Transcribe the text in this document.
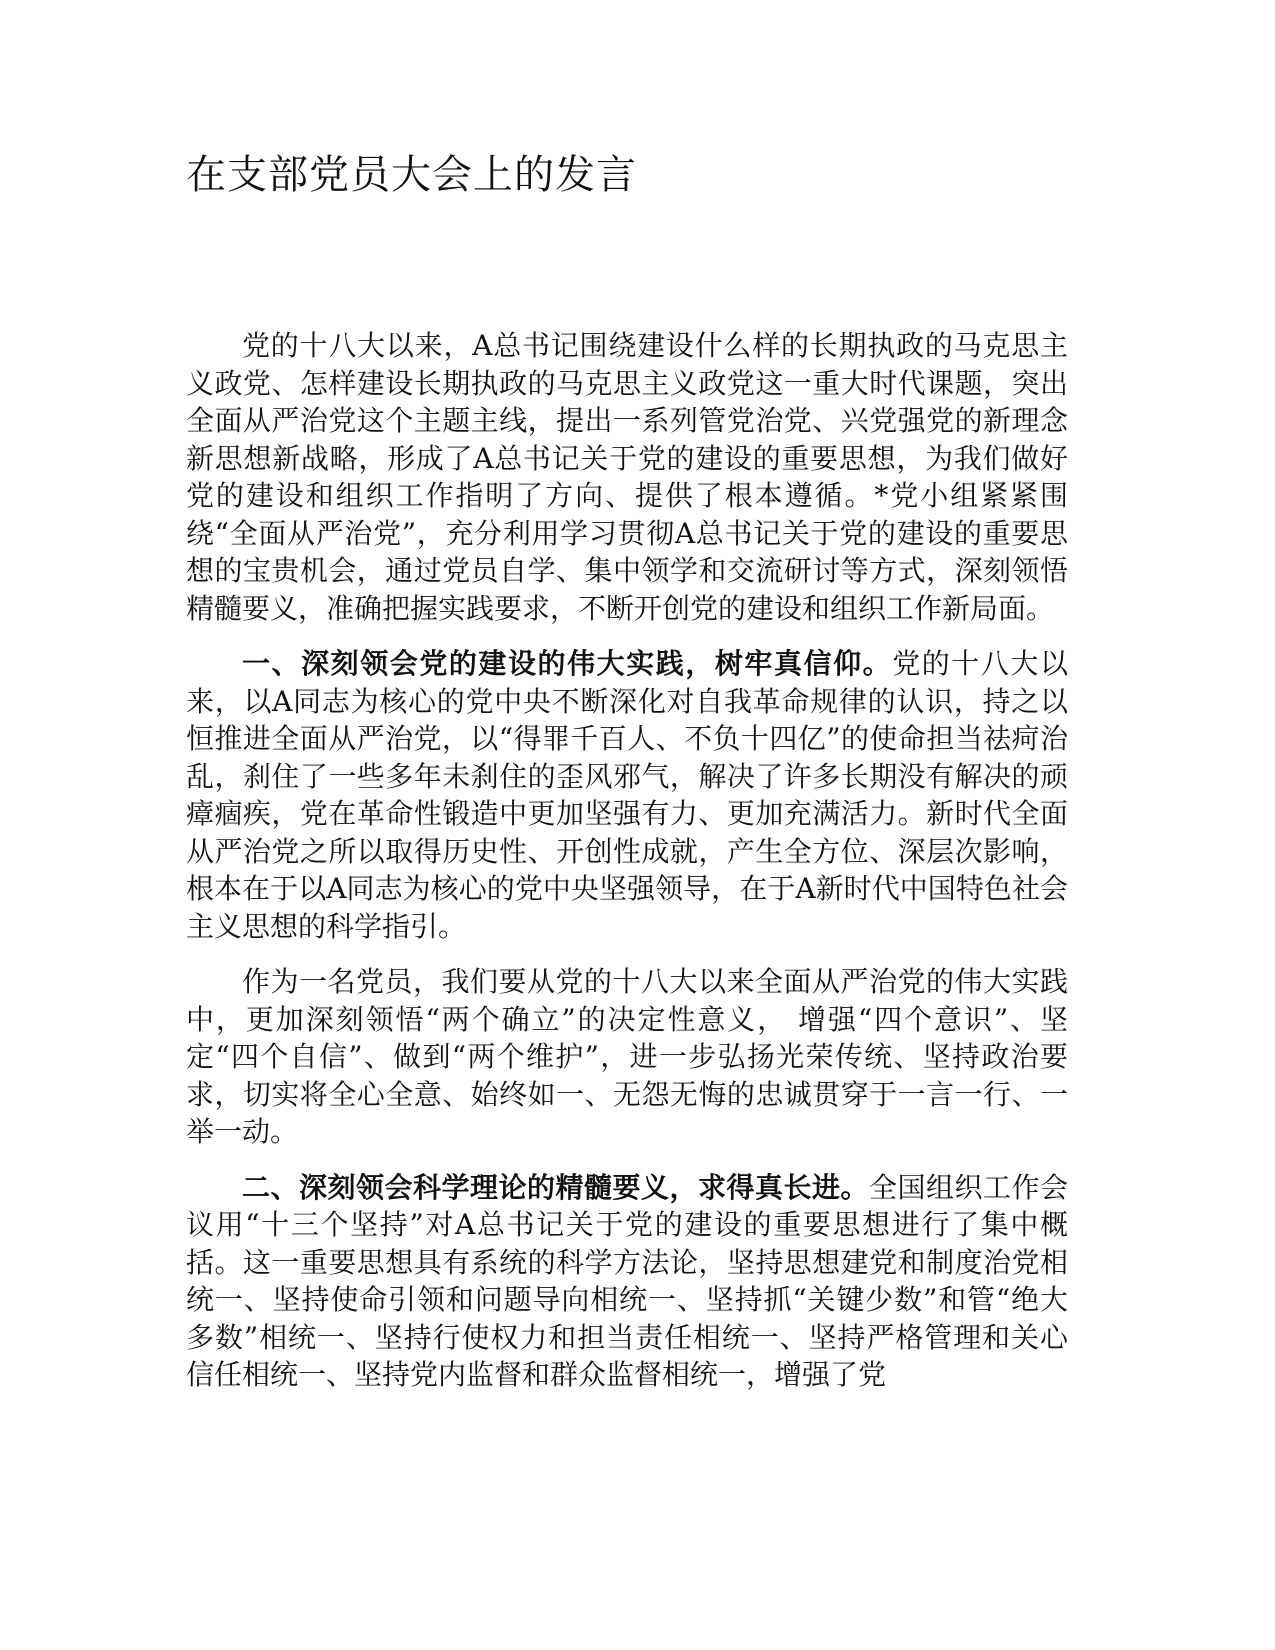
在支部党员大会上的发言

党的十八大以来，A总书记围绕建设什么样的长期执政的马克思主义政党、怎样建设长期执政的马克思主义政党这一重大时代课题，突出全面从严治党这个主题主线，提出一系列管党治党、兴党强党的新理念新思想新战略，形成了A总书记关于党的建设的重要思想，为我们做好党的建设和组织工作指明了方向、提供了根本遵循。*党小组紧紧围绕“全面从严治党”，充分利用学习贯彻A总书记关于党的建设的重要思想的宝贵机会，通过党员自学、集中领学和交流研讨等方式，深刻领悟精髓要义，准确把握实践要求，不断开创党的建设和组织工作新局面。

一、深刻领会党的建设的伟大实践，树牢真信仰。党的十八大以来，以A同志为核心的党中央不断深化对自我革命规律的认识，持之以恒推进全面从严治党，以“得罪千百人、不负十四亿”的使命担当祛疴治乱，刹住了一些多年未刹住的歪风邪气，解决了许多长期没有解决的顽瘴痼疾，党在革命性锻造中更加坚强有力、更加充满活力。新时代全面从严治党之所以取得历史性、开创性成就，产生全方位、深层次影响，根本在于以A同志为核心的党中央坚强领导，在于A新时代中国特色社会主义思想的科学指引。

作为一名党员，我们要从党的十八大以来全面从严治党的伟大实践中，更加深刻领悟“两个确立”的决定性意义， 增强“四个意识”、坚定“四个自信”、做到“两个维护”，进一步弘扬光荣传统、坚持政治要求，切实将全心全意、始终如一、无怨无悔的忠诚贯穿于一言一行、一举一动。

二、深刻领会科学理论的精髓要义，求得真长进。全国组织工作会议用“十三个坚持”对A总书记关于党的建设的重要思想进行了集中概括。这一重要思想具有系统的科学方法论，坚持思想建党和制度治党相统一、坚持使命引领和问题导向相统一、坚持抓“关键少数”和管“绝大多数”相统一、坚持行使权力和担当责任相统一、坚持严格管理和关心信任相统一、坚持党内监督和群众监督相统一，增强了党
